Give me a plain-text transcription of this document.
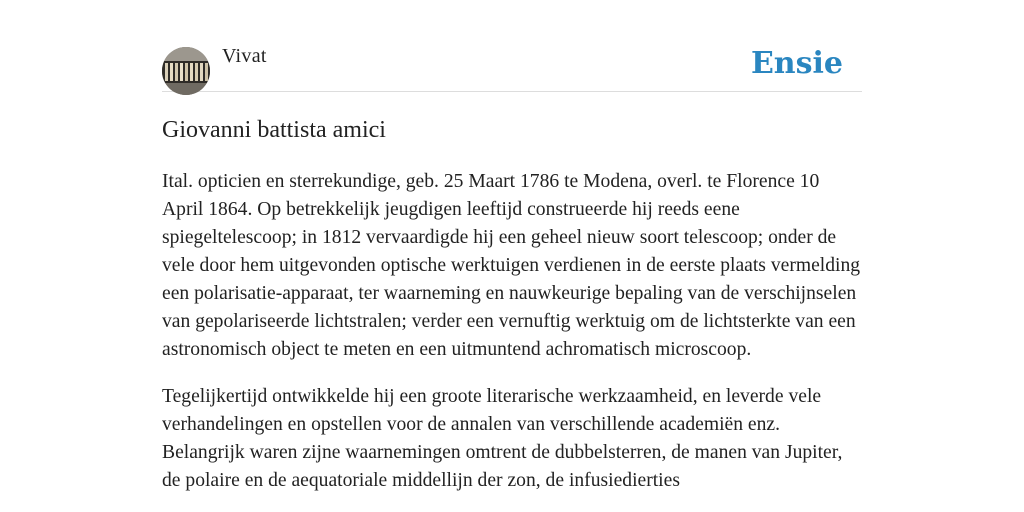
Vivat	Ensie
Giovanni battista amici

Ital. opticien en sterrekundige, geb. 25 Maart 1786 te Modena, overl. te Florence 10 April 1864. Op betrekkelijk jeugdigen leeftijd construeerde hij reeds eene spiegeltelescoop; in 1812 vervaardigde hij een geheel nieuw soort telescoop; onder de vele door hem uitgevonden optische werktuigen verdienen in de eerste plaats vermelding een polarisatie-apparaat, ter waarneming en nauwkeurige bepaling van de verschijnselen van gepolariseerde lichtstralen; verder een vernuftig werktuig om de lichtsterkte van een astronomisch object te meten en een uitmuntend achromatisch microscoop.

Tegelijkertijd ontwikkelde hij een groote literarische werkzaamheid, en leverde vele verhandelingen en opstellen voor de annalen van verschillende academiën enz. Belangrijk waren zijne waarnemingen omtrent de dubbelsterren, de manen van Jupiter, de polaire en de aequatoriale middellijn der zon, de infusiedierties
